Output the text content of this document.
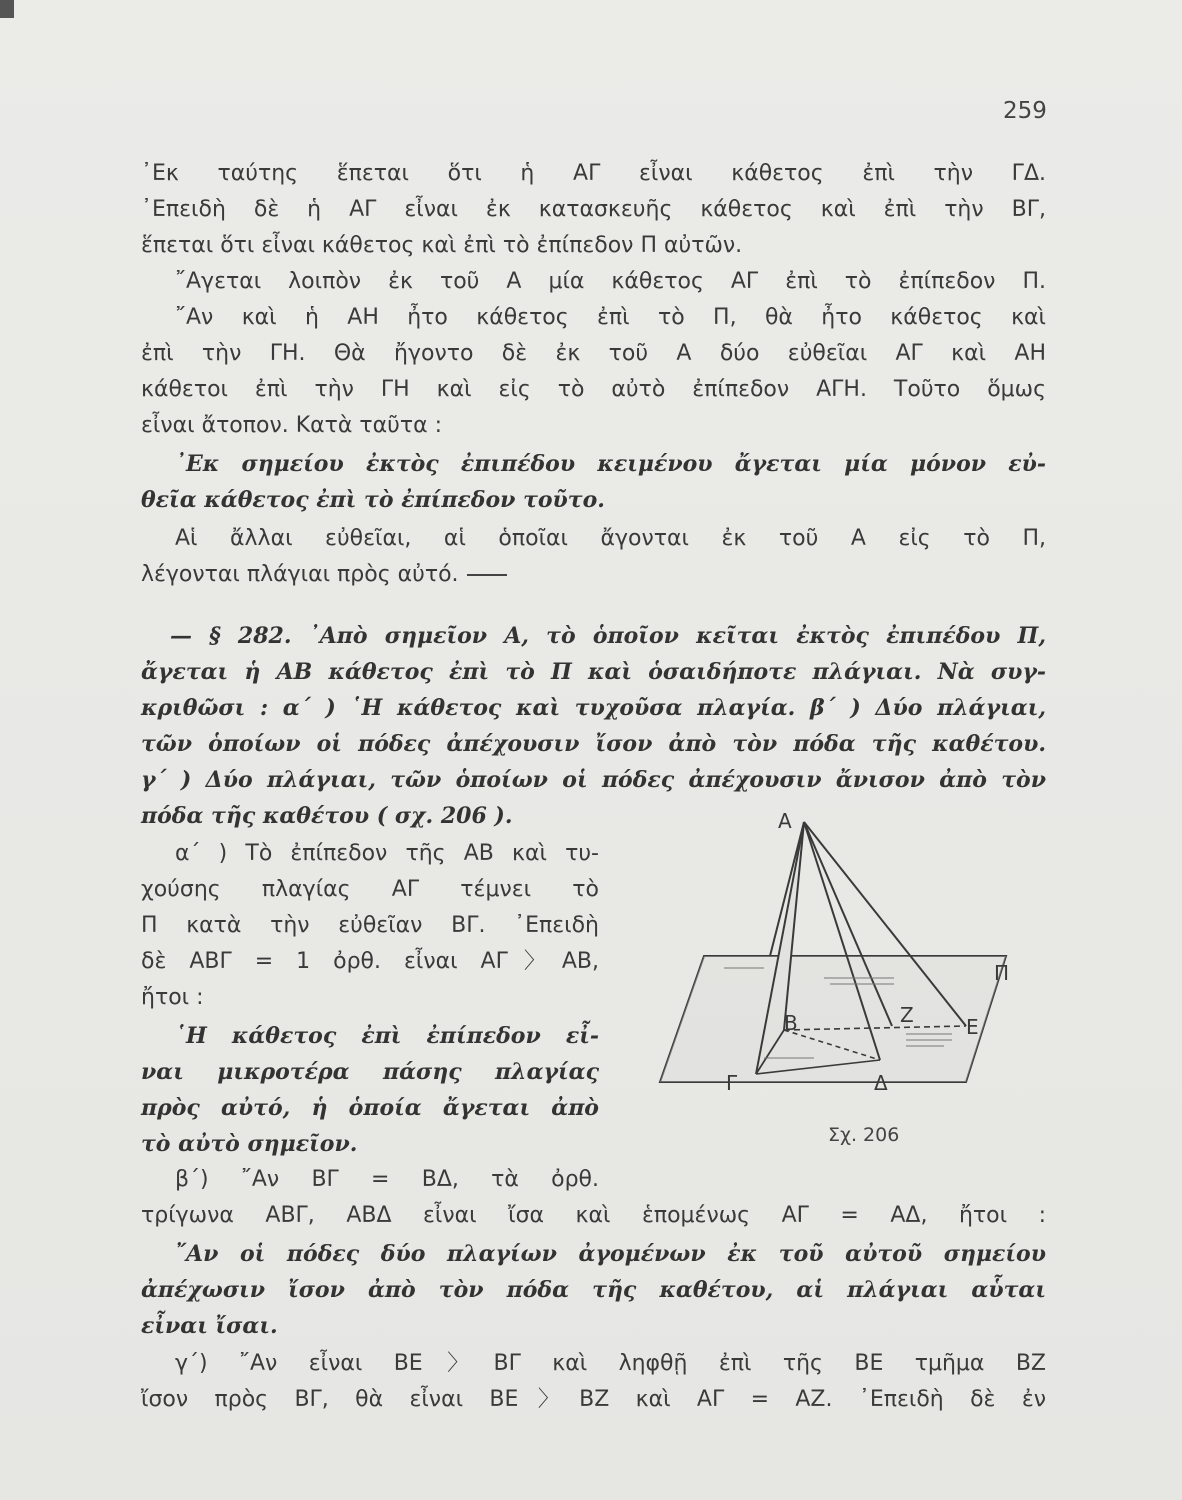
259
᾿Εκ ταύτης ἕπεται ὅτι ἡ ΑΓ εἶναι κάθετος ἐπὶ τὴν ΓΔ.
᾿Επειδὴ δὲ ἡ ΑΓ εἶναι ἐκ κατασκευῆς κάθετος καὶ ἐπὶ τὴν ΒΓ,
ἕπεται ὅτι εἶναι κάθετος καὶ ἐπὶ τὸ ἐπίπεδον Π αὐτῶν.
῎Αγεται λοιπὸν ἐκ τοῦ Α μία κάθετος ΑΓ ἐπὶ τὸ ἐπίπεδον Π.
῎Αν καὶ ἡ ΑΗ ἦτο κάθετος ἐπὶ τὸ Π, θὰ ἦτο κάθετος καὶ
ἐπὶ τὴν ΓΗ. Θὰ ἤγοντο δὲ ἐκ τοῦ Α δύο εὐθεῖαι ΑΓ καὶ ΑΗ
κάθετοι ἐπὶ τὴν ΓΗ καὶ εἰς τὸ αὐτὸ ἐπίπεδον ΑΓΗ. Τοῦτο ὅμως
εἶναι ἄτοπον. Κατὰ ταῦτα :
᾿Εκ σημείου ἐκτὸς ἐπιπέδου κειμένου ἄγεται μία μόνον εὐ-
θεῖα κάθετος ἐπὶ τὸ ἐπίπεδον τοῦτο.
Αἱ ἄλλαι εὐθεῖαι, αἱ ὁποῖαι ἄγονται ἐκ τοῦ Α εἰς τὸ Π,
λέγονται πλάγιαι πρὸς αὐτό.
— § 282. ᾿Απὸ σημεῖον Α, τὸ ὁποῖον κεῖται ἐκτὸς ἐπιπέδου Π,
ἄγεται ἡ ΑΒ κάθετος ἐπὶ τὸ Π καὶ ὁσαιδήποτε πλάγιαι. Νὰ συγ-
κριθῶσι : α΄ ) ῾Η κάθετος καὶ τυχοῦσα πλαγία. β΄ ) Δύο πλάγιαι,
τῶν ὁποίων οἱ πόδες ἀπέχουσιν ἴσον ἀπὸ τὸν πόδα τῆς καθέτου.
γ΄ ) Δύο πλάγιαι, τῶν ὁποίων οἱ πόδες ἀπέχουσιν ἄνισον ἀπὸ τὸν
πόδα τῆς καθέτου ( σχ. 206 ).
α΄ ) Τὸ ἐπίπεδον τῆς ΑΒ καὶ τυ-
χούσης πλαγίας ΑΓ τέμνει τὸ
Π κατὰ τὴν εὐθεῖαν ΒΓ. ᾿Επειδὴ
δὲ ΑΒΓ = 1 ὀρθ. εἶναι ΑΓ〉ΑΒ,
ἤτοι :
῾Η κάθετος ἐπὶ ἐπίπεδον εἶ-
ναι μικροτέρα πάσης πλαγίας
πρὸς αὐτό, ἡ ὁποία ἄγεται ἀπὸ
τὸ αὐτὸ σημεῖον.
β΄) ῎Αν ΒΓ = ΒΔ, τὰ ὀρθ.
τρίγωνα ΑΒΓ, ΑΒΔ εἶναι ἴσα καὶ ἑπομένως ΑΓ = ΑΔ, ἤτοι :
῎Αν οἱ πόδες δύο πλαγίων ἀγομένων ἐκ τοῦ αὐτοῦ σημείου
ἀπέχωσιν ἴσον ἀπὸ τὸν πόδα τῆς καθέτου, αἱ πλάγιαι αὗται
εἶναι ἴσαι.
γ΄) ῎Αν εἶναι ΒΕ〉ΒΓ καὶ ληφθῇ ἐπὶ τῆς ΒΕ τμῆμα ΒΖ
ἴσον πρὸς ΒΓ, θὰ εἶναι ΒΕ〉ΒΖ καὶ ΑΓ = ΑΖ. ᾿Επειδὴ δὲ ἐν
Α
Β
Γ	Δ
Ζ	Ε
Π
Σχ. 206
